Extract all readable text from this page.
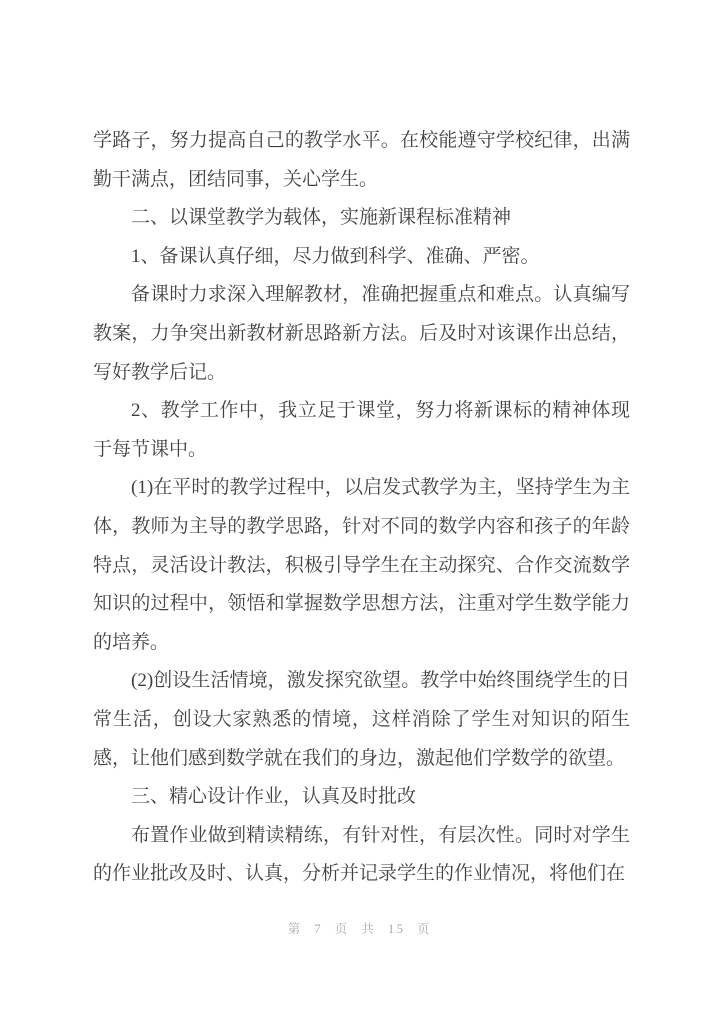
学路子，努力提高自己的教学水平。在校能遵守学校纪律，出满勤干满点，团结同事，关心学生。

二、以课堂教学为载体，实施新课程标准精神

1、备课认真仔细，尽力做到科学、准确、严密。

备课时力求深入理解教材，准确把握重点和难点。认真编写教案，力争突出新教材新思路新方法。后及时对该课作出总结，写好教学后记。

2、教学工作中，我立足于课堂，努力将新课标的精神体现于每节课中。

(1)在平时的教学过程中，以启发式教学为主，坚持学生为主体，教师为主导的教学思路，针对不同的数学内容和孩子的年龄特点，灵活设计教法，积极引导学生在主动探究、合作交流数学知识的过程中，领悟和掌握数学思想方法，注重对学生数学能力的培养。

(2)创设生活情境，激发探究欲望。教学中始终围绕学生的日常生活，创设大家熟悉的情境，这样消除了学生对知识的陌生感，让他们感到数学就在我们的身边，激起他们学数学的欲望。

三、精心设计作业，认真及时批改

布置作业做到精读精练，有针对性，有层次性。同时对学生的作业批改及时、认真，分析并记录学生的作业情况，将他们在

第 7 页 共 15 页
